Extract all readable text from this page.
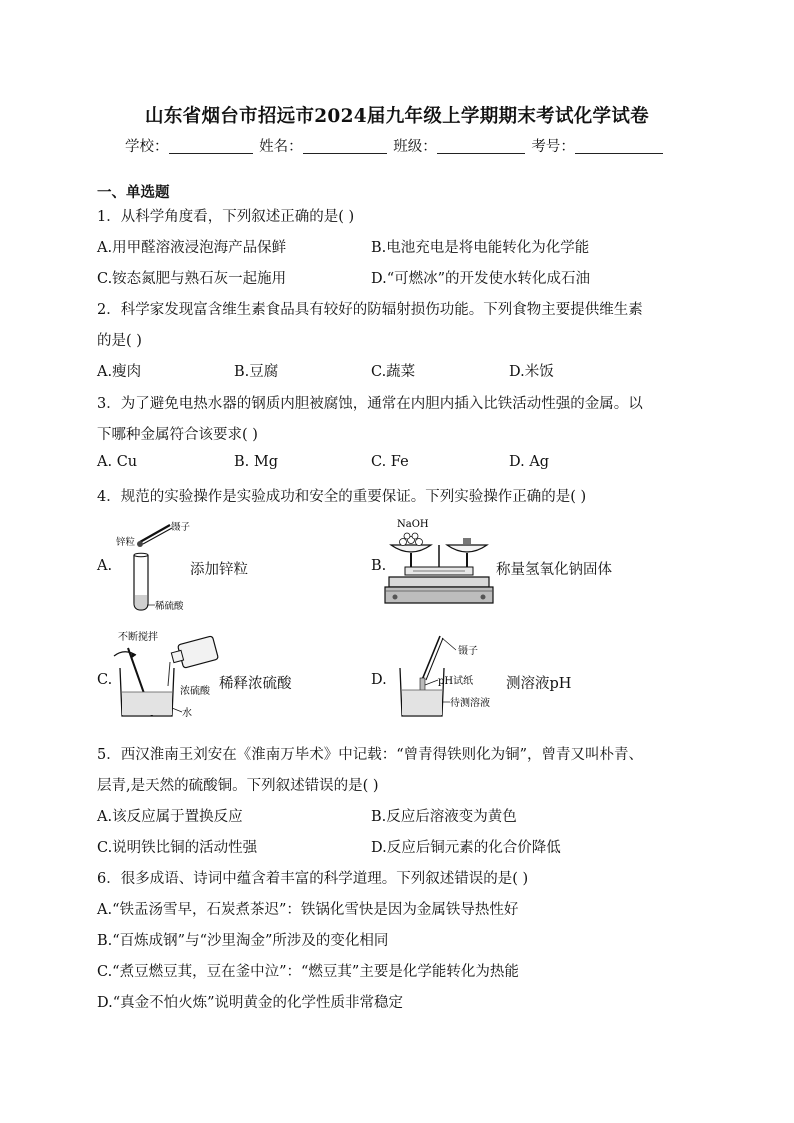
山东省烟台市招远市2024届九年级上学期期末考试化学试卷
学校：	姓名：	班级：	考号：
一、单选题
1．从科学角度看，下列叙述正确的是( )
A.用甲醛溶液浸泡海产品保鲜	B.电池充电是将电能转化为化学能
C.铵态氮肥与熟石灰一起施用	D.“可燃冰”的开发使水转化成石油
2．科学家发现富含维生素食品具有较好的防辐射损伤功能。下列食物主要提供维生素
的是( )
A.瘦肉	B.豆腐	C.蔬菜	D.米饭
3．为了避免电热水器的钢质内胆被腐蚀，通常在内胆内插入比铁活动性强的金属。以
下哪种金属符合该要求( )
A. Cu	B. Mg	C. Fe	D. Ag
4．规范的实验操作是实验成功和安全的重要保证。下列实验操作正确的是( )
A.
锌粒
镊子
稀硫酸
添加锌粒	B.
NaOH
称量氢氧化钠固体
C.
不断搅拌
浓硫酸
水
稀释浓硫酸	D.
镊子
pH试纸
待测溶液
测溶液pH
5．西汉淮南王刘安在《淮南万毕术》中记载：“曾青得铁则化为铜”，曾青又叫朴青、
层青,是天然的硫酸铜。下列叙述错误的是( )
A.该反应属于置换反应	B.反应后溶液变为黄色
C.说明铁比铜的活动性强	D.反应后铜元素的化合价降低
6．很多成语、诗词中蕴含着丰富的科学道理。下列叙述错误的是( )
A.“铁盂汤雪早，石炭煮茶迟”：铁锅化雪快是因为金属铁导热性好
B.“百炼成钢”与“沙里淘金”所涉及的变化相同
C.“煮豆燃豆萁，豆在釜中泣”：“燃豆萁”主要是化学能转化为热能
D.“真金不怕火炼”说明黄金的化学性质非常稳定
